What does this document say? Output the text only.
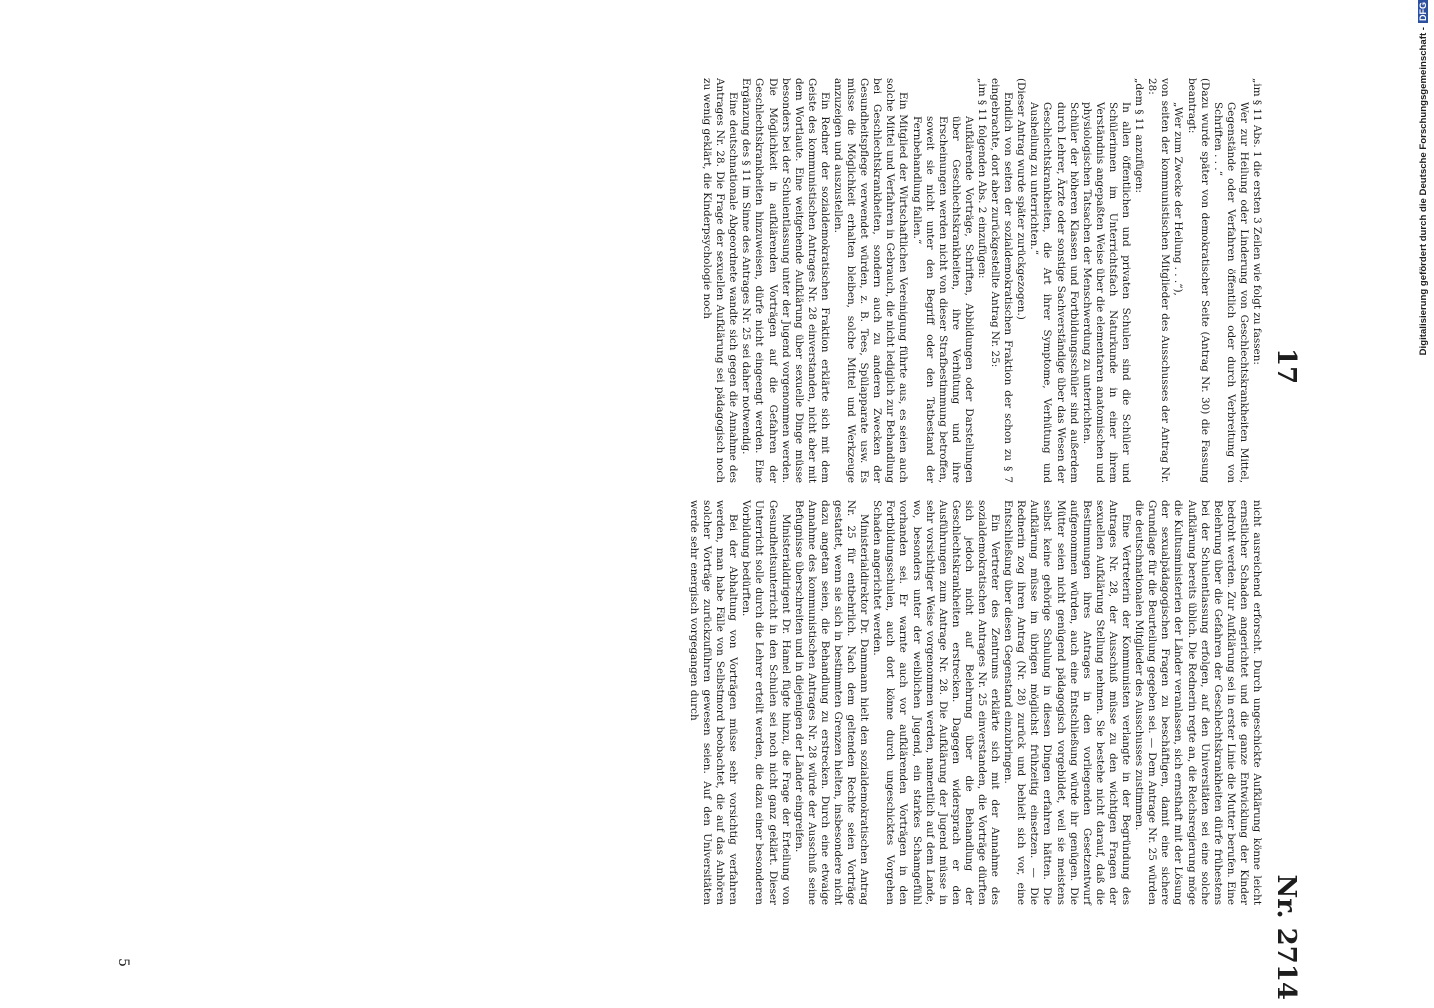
17
Nr. 2714

„im § 11 Abs. 1 die ersten 3 Zeilen wie folgt zu fassen:

Wer zur Heilung oder Linderung von Geschlechtskrankheiten Mittel, Gegenstände oder Verfahren öffentlich oder durch Verbreitung von Schriften . . .“

(Dazu wurde später von demokratischer Seite (Antrag Nr. 30) die Fassung beantragt:

„Wer zum Zwecke der Heilung . . .“),

von seiten der kommunistischen Mitglieder des Ausschusses der Antrag Nr. 28:

„dem § 11 anzufügen:

In allen öffentlichen und privaten Schulen sind die Schüler und Schülerinnen im Unterrichtsfach Naturkunde in einer ihrem Verständnis angepaßten Weise über die elementaren anatomischen und physiologischen Tatsachen der Menschwerdung zu unterrichten.

Schüler der höheren Klassen und Fortbildungsschüler sind außerdem durch Lehrer, Ärzte oder sonstige Sachverständige über das Wesen der Geschlechtskrankheiten, die Art ihrer Symptome, Verhütung und Ausheilung zu unterrichten.“

(Dieser Antrag wurde später zurückgezogen.)

Endlich von seiten der sozialdemokratischen Fraktion der schon zu § 7 eingebrachte, dort aber zurückgestellte Antrag Nr. 25:

„im § 11 folgenden Abs. 2 einzufügen:

Aufklärende Vorträge, Schriften, Abbildungen oder Darstellungen über Geschlechtskrankheiten, ihre Verhütung und ihre Erscheinungen werden nicht von dieser Strafbestimmung betroffen, soweit sie nicht unter den Begriff oder den Tatbestand der Fernbehandlung fallen.“

Ein Mitglied der Wirtschaftlichen Vereinigung führte aus, es seien auch solche Mittel und Verfahren in Gebrauch, die nicht lediglich zur Behandlung bei Geschlechtskrankheiten, sondern auch zu anderen Zwecken der Gesundheitspflege verwendet würden, z. B. Tees, Spülapparate usw. Es müsse die Möglichkeit erhalten bleiben, solche Mittel und Werkzeuge anzuzeigen und auszustellen.

Ein Redner der sozialdemokratischen Fraktion erklärte sich mit dem Geiste des kommunistischen Antrages Nr. 28 einverstanden, nicht aber mit dem Wortlaute. Eine weitgehende Aufklärung über sexuelle Dinge müsse besonders bei der Schulentlassung unter der Jugend vorgenommen werden. Die Möglichkeit in aufklärenden Vorträgen auf die Gefahren der Geschlechtskrankheiten hinzuweisen, dürfe nicht eingeengt werden. Eine Ergänzung des § 11 im Sinne des Antrages Nr. 25 sei daher notwendig.

Eine deutschnationale Abgeordnete wandte sich gegen die Annahme des Antrages Nr. 28. Die Frage der sexuellen Aufklärung sei pädagogisch noch zu wenig geklärt, die Kinderpsychologie noch

nicht ausreichend erforscht. Durch ungeschickte Aufklärung könne leicht ernstlicher Schaden angerichtet und die ganze Entwicklung der Kinder bedroht werden. Zur Aufklärung sei in erster Linie die Mutter berufen. Eine Belehrung über die Gefahren der Geschlechtskrankheiten dürfe frühestens bei der Schulentlassung erfolgen, auf den Universitäten sei eine solche Aufklärung bereits üblich. Die Rednerin regte an, die Reichsregierung möge die Kultusministerien der Länder veranlassen, sich ernsthaft mit der Lösung der sexualpädagogischen Fragen zu beschäftigen, damit eine sichere Grundlage für die Beurteilung gegeben sei. — Dem Antrage Nr. 25 würden die deutschnationalen Mitglieder des Ausschusses zustimmen.

Eine Vertreterin der Kommunisten verlangte in der Begründung des Antrages Nr. 28, der Ausschuß müsse zu den wichtigen Fragen der sexuellen Aufklärung Stellung nehmen. Sie bestehe nicht darauf, daß die Bestimmungen ihres Antrages in den vorliegenden Gesetzentwurf aufgenommen würden, auch eine Entschließung würde ihr genügen. Die Mütter seien nicht genügend pädagogisch vorgebildet, weil sie meistens selbst keine gehörige Schulung in diesen Dingen erfahren hätten. Die Aufklärung müsse im übrigen möglichst frühzeitig einsetzen. — Die Rednerin zog ihren Antrag (Nr. 28) zurück und behielt sich vor, eine Entschließung über diesen Gegenstand einzubringen.

Ein Vertreter des Zentrums erklärte sich mit der Annahme des sozialdemokratischen Antrages Nr. 25 einverstanden, die Vorträge dürften sich jedoch nicht auf Belehrung über die Behandlung der Geschlechtskrankheiten erstrecken. Dagegen widersprach er den Ausführungen zum Antrage Nr. 28. Die Aufklärung der Jugend müsse in sehr vorsichtiger Weise vorgenommen werden, namentlich auf dem Lande, wo, besonders unter der weiblichen Jugend, ein starkes Schamgefühl vorhanden sei. Er warnte auch vor aufklärenden Vorträgen in den Fortbildungsschulen, auch dort könne durch ungeschicktes Vorgehen Schaden angerichtet werden.

Ministerialdirektor Dr. Dammann hielt den sozialdemokratischen Antrag Nr. 25 für entbehrlich. Nach dem geltenden Rechte seien Vorträge gestattet, wenn sie sich in bestimmten Grenzen hielten, insbesondere nicht dazu angetan seien, die Behandlung zu erstrecken. Durch eine etwaige Annahme des kommunistischen Antrages Nr. 28 würde der Ausschuß seine Befugnisse überschreiten und in diejenigen der Länder eingreifen.

Ministerialdirigent Dr. Hamel fügte hinzu, die Frage der Erteilung von Gesundheitsunterricht in den Schulen sei noch nicht ganz geklärt. Dieser Unterricht solle durch die Lehrer erteilt werden, die dazu einer besonderen Vorbildung bedürften.

Bei der Abhaltung von Vorträgen müsse sehr vorsichtig verfahren werden, man habe Fälle von Selbstmord beobachtet, die auf das Anhören solcher Vorträge zurückzuführen gewesen seien. Auf den Universitäten werde sehr energisch vorgegangen durch

5
Digitalisierung gefördert durch die Deutsche Forschungsgemeinschaft -DFG
